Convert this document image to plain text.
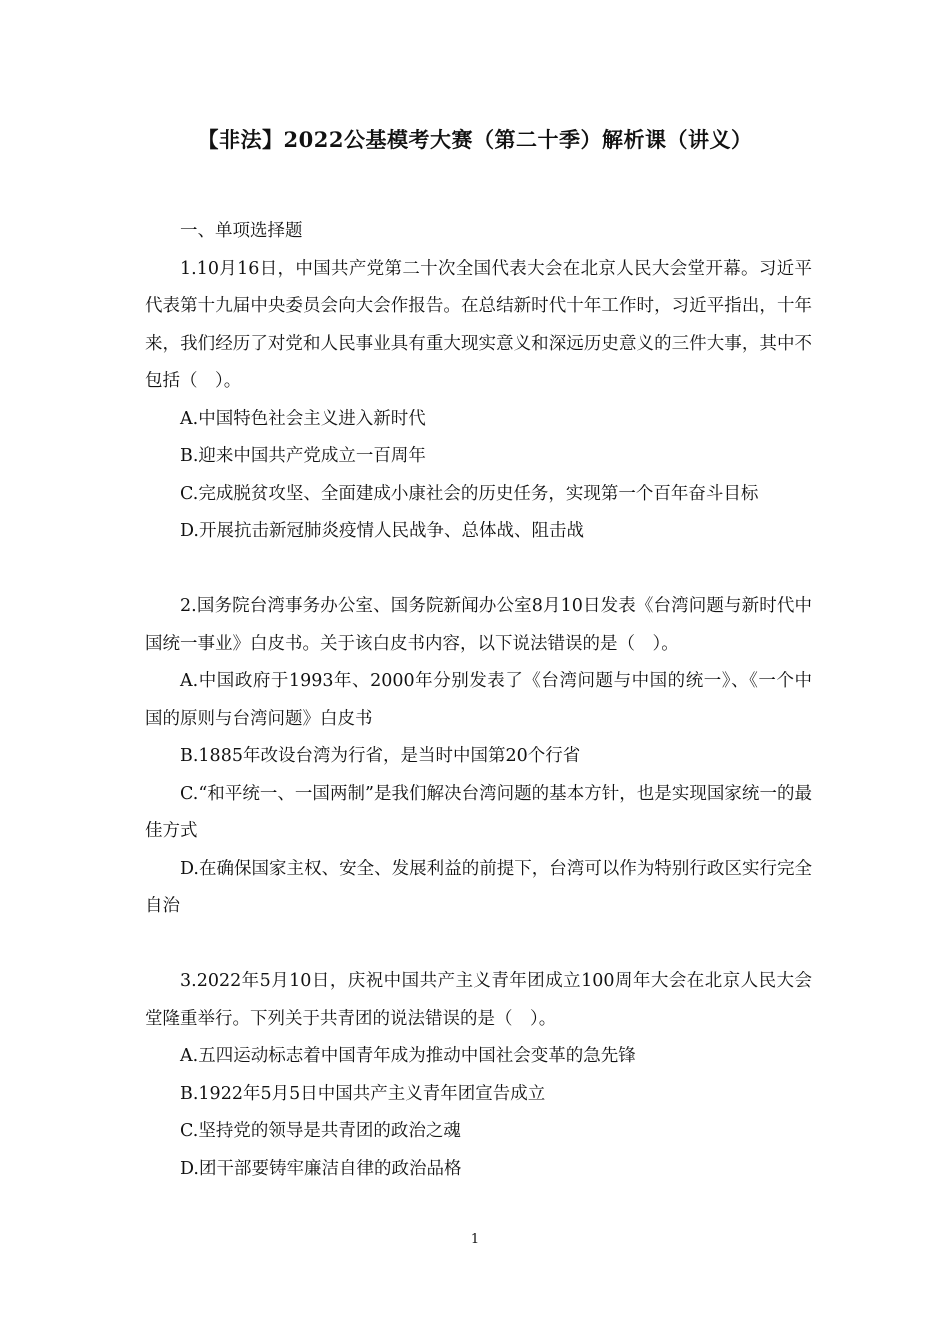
【非法】2022公基模考大赛（第二十季）解析课（讲义）

一、单项选择题

1.10月16日，中国共产党第二十次全国代表大会在北京人民大会堂开幕。习近平代表第十九届中央委员会向大会作报告。在总结新时代十年工作时，习近平指出，十年来，我们经历了对党和人民事业具有重大现实意义和深远历史意义的三件大事，其中不包括（　）。

A.中国特色社会主义进入新时代

B.迎来中国共产党成立一百周年

C.完成脱贫攻坚、全面建成小康社会的历史任务，实现第一个百年奋斗目标

D.开展抗击新冠肺炎疫情人民战争、总体战、阻击战

2.国务院台湾事务办公室、国务院新闻办公室8月10日发表《台湾问题与新时代中国统一事业》白皮书。关于该白皮书内容，以下说法错误的是（　）。

A.中国政府于1993年、2000年分别发表了《台湾问题与中国的统一》、《一个中国的原则与台湾问题》白皮书

B.1885年改设台湾为行省，是当时中国第20个行省

C.“和平统一、一国两制”是我们解决台湾问题的基本方针，也是实现国家统一的最佳方式

D.在确保国家主权、安全、发展利益的前提下，台湾可以作为特别行政区实行完全自治

3.2022年5月10日，庆祝中国共产主义青年团成立100周年大会在北京人民大会堂隆重举行。下列关于共青团的说法错误的是（　）。

A.五四运动标志着中国青年成为推动中国社会变革的急先锋

B.1922年5月5日中国共产主义青年团宣告成立

C.坚持党的领导是共青团的政治之魂

D.团干部要铸牢廉洁自律的政治品格

1
